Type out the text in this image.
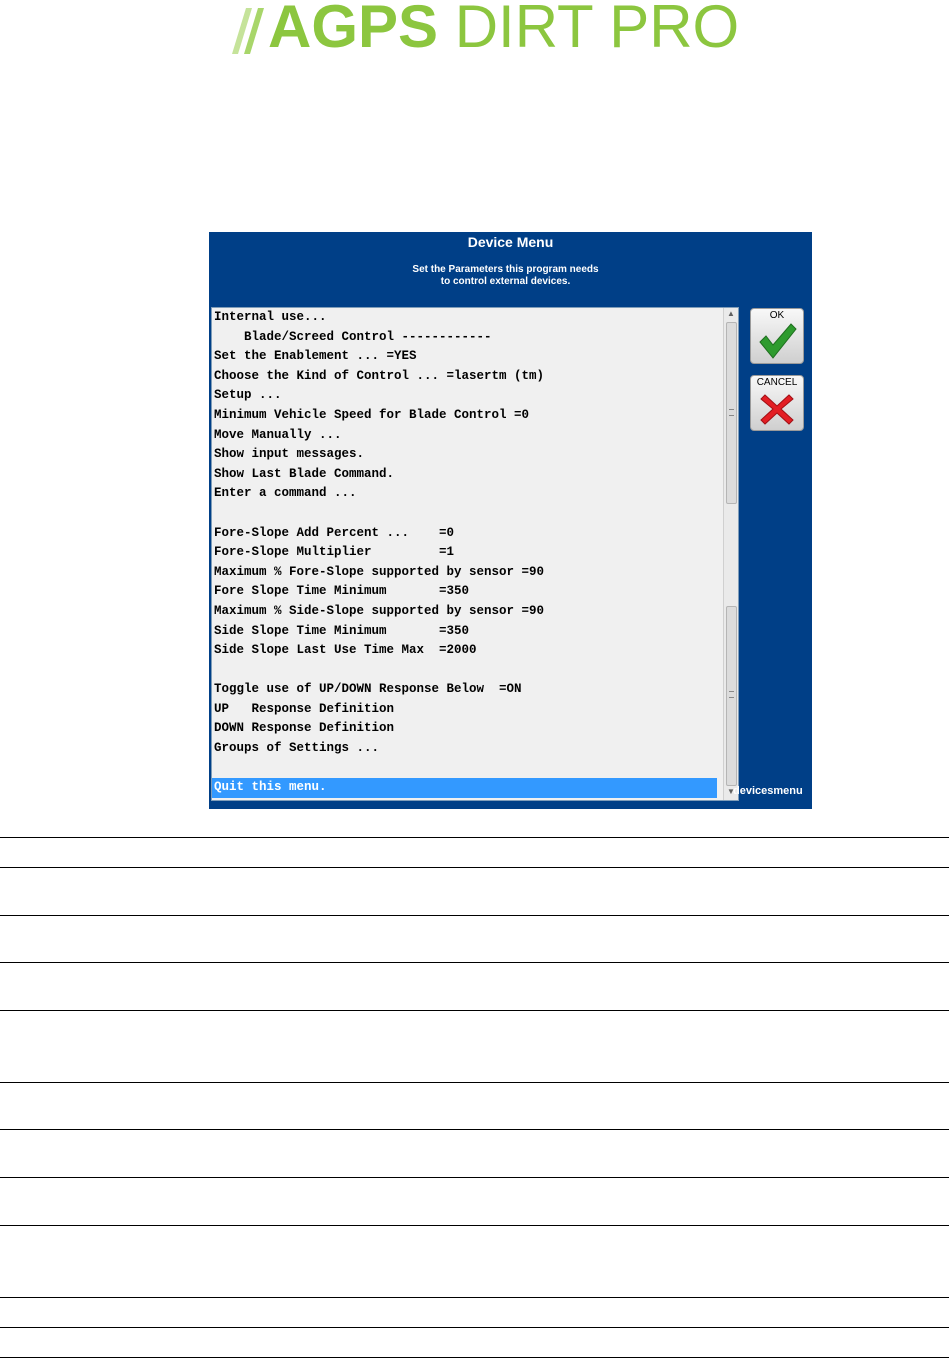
AGPS DIRT PRO
Device Menu
Set the Parameters this program needs
to control external devices.
Internal use...
Blade/Screed Control ------------
Set the Enablement ... =YES
Choose the Kind of Control ... =lasertm (tm)
Setup ...
Minimum Vehicle Speed for Blade Control =0
Move Manually ...
Show input messages.
Show Last Blade Command.
Enter a command ...
Fore-Slope Add Percent ...    =0
Fore-Slope Multiplier         =1
Maximum % Fore-Slope supported by sensor =90
Fore Slope Time Minimum       =350
Maximum % Side-Slope supported by sensor =90
Side Slope Time Minimum       =350
Side Slope Last Use Time Max  =2000
Toggle use of UP/DOWN Response Below  =ON
UP   Response Definition
DOWN Response Definition
Groups of Settings ...
Quit this menu.
▲
▼
OK
CANCEL
devicesmenu
